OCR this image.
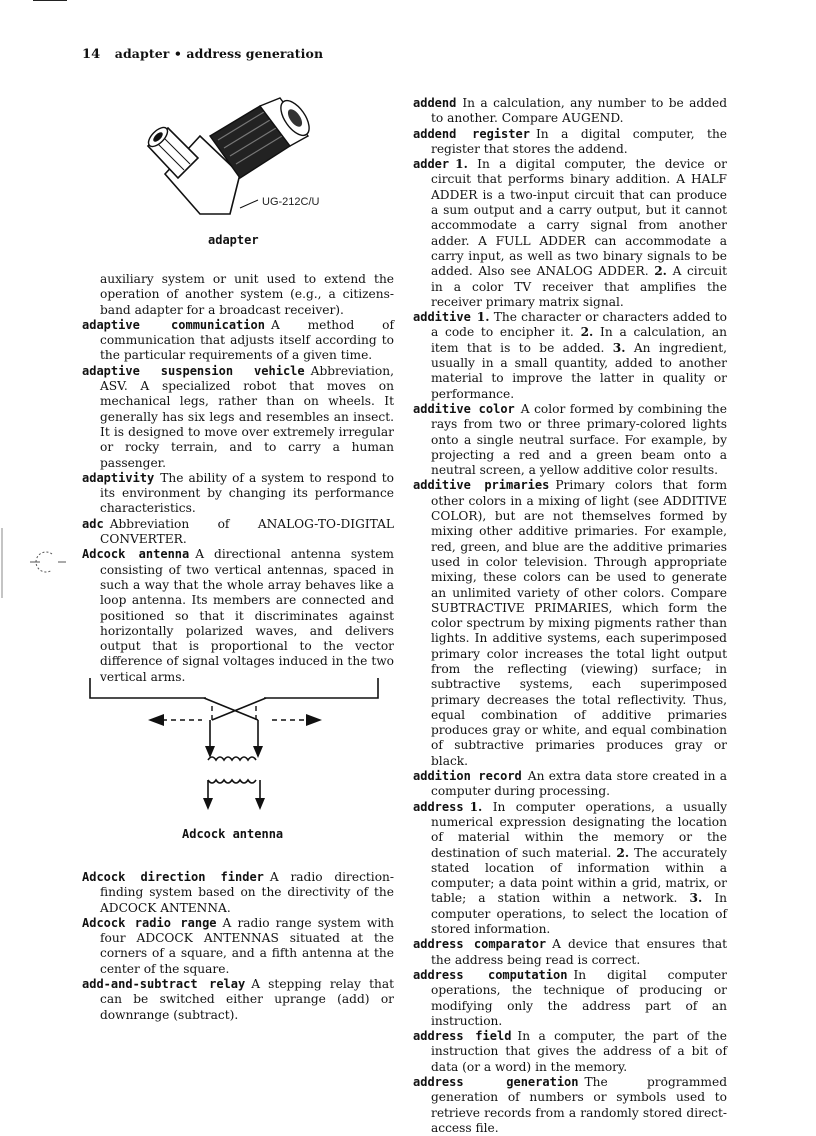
14 adapter • address generation
UG-212C/U
adapter

auxiliary system or unit used to extend the operation of another system (e.g., a citizens-band adapter for a broadcast receiver).

adaptive communication A method of communication that adjusts itself according to the particular requirements of a given time.

adaptive suspension vehicle Abbreviation, ASV. A specialized robot that moves on mechanical legs, rather than on wheels. It generally has six legs and resembles an insect. It is designed to move over extremely irregular or rocky terrain, and to carry a human passenger.

adaptivity The ability of a system to respond to its environment by changing its performance characteristics.

adc Abbreviation of ANALOG-TO-DIGITAL CONVERTER.

Adcock antenna A directional antenna system consisting of two vertical antennas, spaced in such a way that the whole array behaves like a loop antenna. Its members are connected and positioned so that it discriminates against horizontally polarized waves, and delivers output that is proportional to the vector difference of signal voltages induced in the two vertical arms.

Adcock antenna

Adcock direction finder A radio direction-finding system based on the directivity of the ADCOCK ANTENNA.

Adcock radio range A radio range system with four ADCOCK ANTENNAS situated at the corners of a square, and a fifth antenna at the center of the square.

add-and-subtract relay A stepping relay that can be switched either uprange (add) or downrange (subtract).

addend In a calculation, any number to be added to another. Compare AUGEND.

addend register In a digital computer, the register that stores the addend.

adder 1. In a digital computer, the device or circuit that performs binary addition. A HALF ADDER is a two-input circuit that can produce a sum output and a carry output, but it cannot accommodate a carry signal from another adder. A FULL ADDER can accommodate a carry input, as well as two binary signals to be added. Also see ANALOG ADDER. 2. A circuit in a color TV receiver that amplifies the receiver primary matrix signal.

additive 1. The character or characters added to a code to encipher it. 2. In a calculation, an item that is to be added. 3. An ingredient, usually in a small quantity, added to another material to improve the latter in quality or performance.

additive color A color formed by combining the rays from two or three primary-colored lights onto a single neutral surface. For example, by projecting a red and a green beam onto a neutral screen, a yellow additive color results.

additive primaries Primary colors that form other colors in a mixing of light (see ADDITIVE COLOR), but are not themselves formed by mixing other additive primaries. For example, red, green, and blue are the additive primaries used in color television. Through appropriate mixing, these colors can be used to generate an unlimited variety of other colors. Compare SUBTRACTIVE PRIMARIES, which form the color spectrum by mixing pigments rather than lights. In additive systems, each superimposed primary color increases the total light output from the reflecting (viewing) surface; in subtractive systems, each superimposed primary decreases the total reflectivity. Thus, equal combination of additive primaries produces gray or white, and equal combination of subtractive primaries produces gray or black.

addition record An extra data store created in a computer during processing.

address 1. In computer operations, a usually numerical expression designating the location of material within the memory or the destination of such material. 2. The accurately stated location of information within a computer; a data point within a grid, matrix, or table; a station within a network. 3. In computer operations, to select the location of stored information.

address comparator A device that ensures that the address being read is correct.

address computation In digital computer operations, the technique of producing or modifying only the address part of an instruction.

address field In a computer, the part of the instruction that gives the address of a bit of data (or a word) in the memory.

address generation The programmed generation of numbers or symbols used to retrieve records from a randomly stored direct-access file.
